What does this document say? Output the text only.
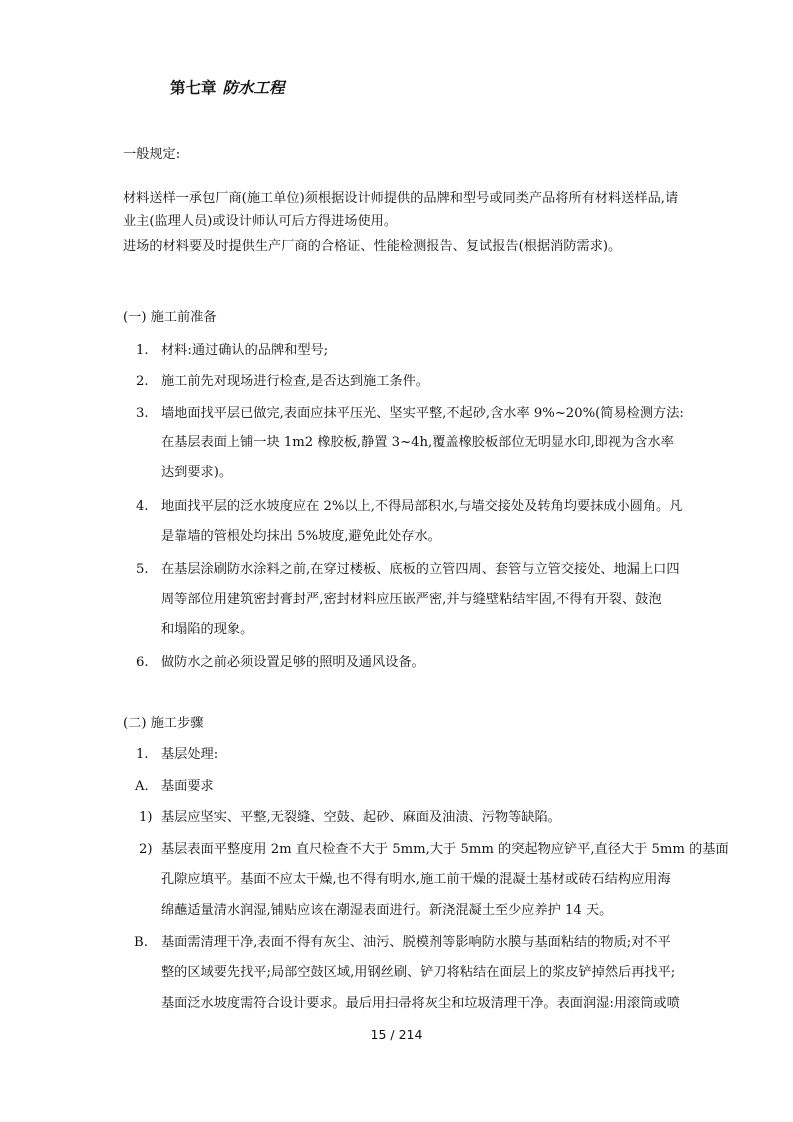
第七章 防水工程
一般规定:
材料送样一承包厂商(施工单位)须根据设计师提供的品牌和型号或同类产品将所有材料送样品,请
业主(监理人员)或设计师认可后方得进场使用。
进场的材料要及时提供生产厂商的合格证、性能检测报告、复试报告(根据消防需求)。
(一) 施工前准备
1. 材料:通过确认的品牌和型号;
2. 施工前先对现场进行检查,是否达到施工条件。
3. 墙地面找平层已做完,表面应抹平压光、坚实平整,不起砂,含水率 9%~20%(简易检测方法:
在基层表面上铺一块 1m2 橡胶板,静置 3~4h,覆盖橡胶板部位无明显水印,即视为含水率
达到要求)。
4. 地面找平层的泛水坡度应在 2%以上,不得局部积水,与墙交接处及转角均要抹成小圆角。凡
是靠墙的管根处均抹出 5%坡度,避免此处存水。
5. 在基层涂刷防水涂料之前,在穿过楼板、底板的立管四周、套管与立管交接处、地漏上口四
周等部位用建筑密封膏封严,密封材料应压嵌严密,并与缝壁粘结牢固,不得有开裂、鼓泡
和塌陷的现象。
6. 做防水之前必须设置足够的照明及通风设备。
(二) 施工步骤
1. 基层处理:
A. 基面要求
1) 基层应坚实、平整,无裂缝、空鼓、起砂、麻面及油渍、污物等缺陷。
2) 基层表面平整度用 2m 直尺检查不大于 5mm,大于 5mm 的突起物应铲平,直径大于 5mm 的基面
孔隙应填平。基面不应太干燥,也不得有明水,施工前干燥的混凝土基材或砖石结构应用海
绵蘸适量清水润湿,铺贴应该在潮湿表面进行。新浇混凝土至少应养护 14 天。
B. 基面需清理干净,表面不得有灰尘、油污、脱模剂等影响防水膜与基面粘结的物质;对不平
整的区域要先找平;局部空鼓区域,用钢丝刷、铲刀将粘结在面层上的浆皮铲掉然后再找平;
基面泛水坡度需符合设计要求。最后用扫帚将灰尘和垃圾清理干净。表面润湿:用滚筒或喷
15 / 214
